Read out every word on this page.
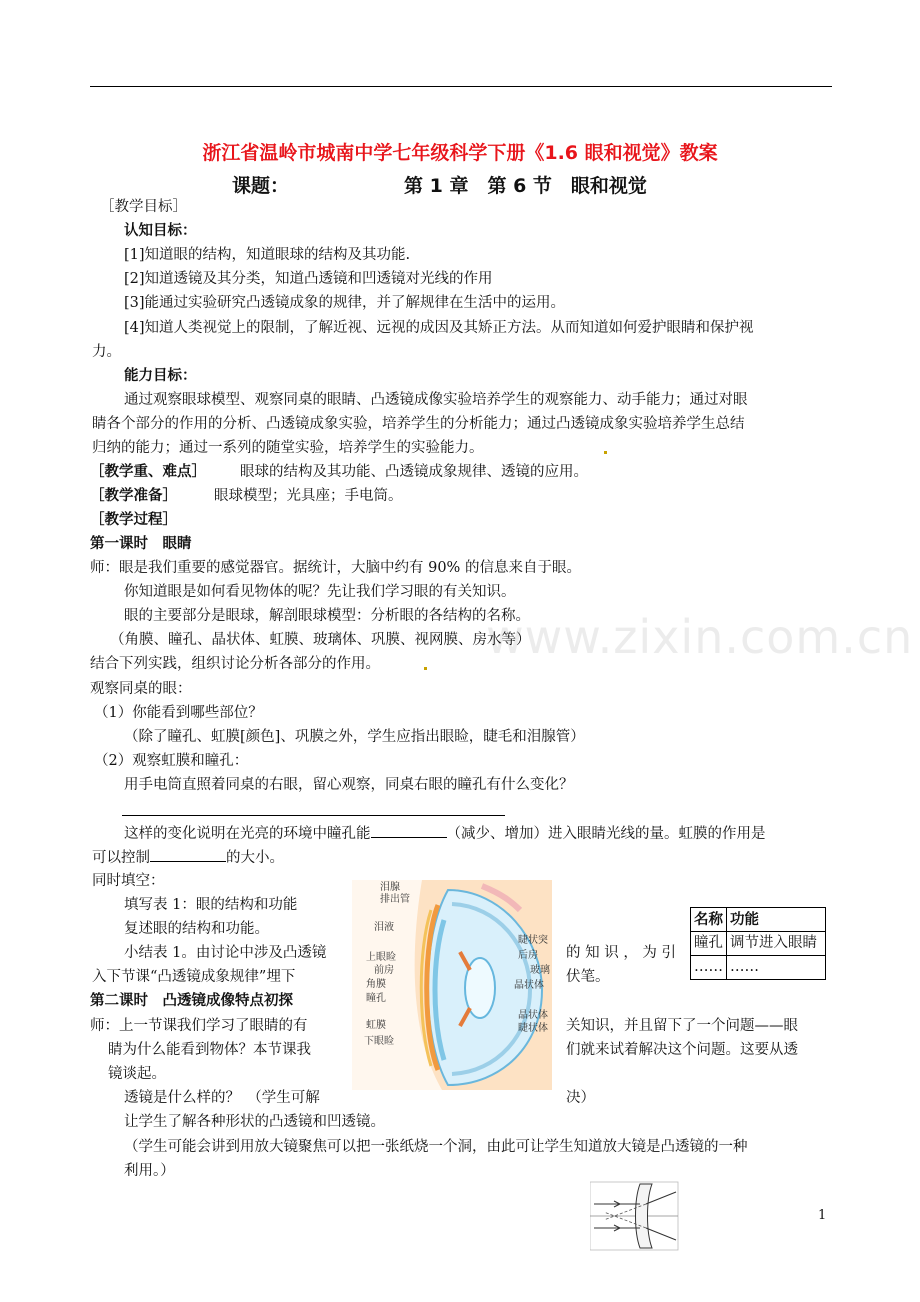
www.zixin.com.cn
浙江省温岭市城南中学七年级科学下册《1.6 眼和视觉》教案
课题：	第 1 章　第 6 节　眼和视觉
［教学目标］
认知目标：
[1]知道眼的结构，知道眼球的结构及其功能.
[2]知道透镜及其分类，知道凸透镜和凹透镜对光线的作用
[3]能通过实验研究凸透镜成象的规律，并了解规律在生活中的运用。
[4]知道人类视觉上的限制，了解近视、远视的成因及其矫正方法。从而知道如何爱护眼睛和保护视
力。
能力目标：
通过观察眼球模型、观察同桌的眼睛、凸透镜成像实验培养学生的观察能力、动手能力；通过对眼
睛各个部分的作用的分析、凸透镜成象实验，培养学生的分析能力；通过凸透镜成象实验培养学生总结
归纳的能力；通过一系列的随堂实验，培养学生的实验能力。
［教学重、难点］ 眼球的结构及其功能、凸透镜成象规律、透镜的应用。
［教学准备］	眼球模型；光具座；手电筒。
［教学过程］
第一课时　眼睛
师：眼是我们重要的感觉器官。据统计，大脑中约有 90% 的信息来自于眼。
你知道眼是如何看见物体的呢？先让我们学习眼的有关知识。
眼的主要部分是眼球，解剖眼球模型：分析眼的各结构的名称。
（角膜、瞳孔、晶状体、虹膜、玻璃体、巩膜、视网膜、房水等）
结合下列实践，组织讨论分析各部分的作用。
观察同桌的眼：
（1）你能看到哪些部位？
（除了瞳孔、虹膜[颜色]、巩膜之外，学生应指出眼睑，睫毛和泪腺管）
（2）观察虹膜和瞳孔：
用手电筒直照着同桌的右眼，留心观察，同桌右眼的瞳孔有什么变化？
这样的变化说明在光亮的环境中瞳孔能	（减少、增加）进入眼睛光线的量。虹膜的作用是
可以控制	的大小。
同时填空：
填写表 1：眼的结构和功能
复述眼的结构和功能。
小结表 1。由讨论中涉及凸透镜	的 知 识 ， 为 引
入下节课“凸透镜成象规律”埋下	伏笔。
第二课时　凸透镜成像特点初探
师：上一节课我们学习了眼睛的有	关知识，并且留下了一个问题——眼
睛为什么能看到物体？本节课我	们就来试着解决这个问题。这要从透
镜谈起。
透镜是什么样的？　（学生可解	决）
让学生了解各种形状的凸透镜和凹透镜。
（学生可能会讲到用放大镜聚焦可以把一张纸烧一个洞，由此可让学生知道放大镜是凸透镜的一种
利用。）
泪腺
排出管
泪液
上眼睑
前房
角膜
瞳孔
虹膜
下眼睑
睫状突
后房
玻璃
晶状体
晶状体
睫状体
名称	功能
瞳孔	调节进入眼睛
……	……
1
